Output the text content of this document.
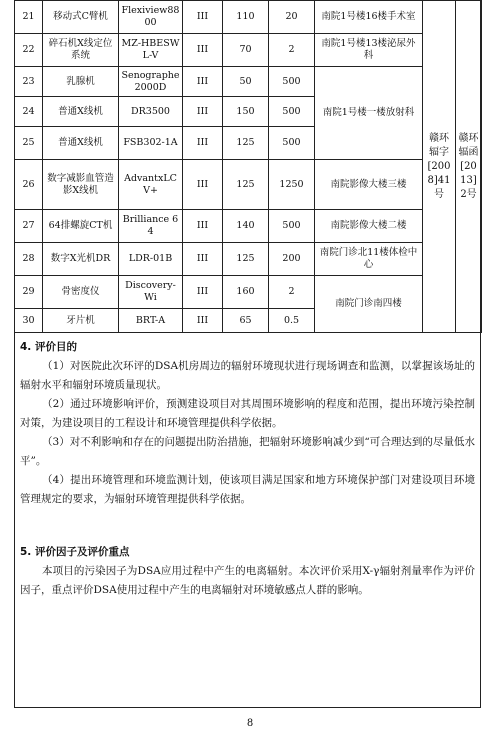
21	移动式C臂机	Flexiview8800	III	110	20	南院1号楼16楼手术室	赣环辐字[2008]41号	赣环辐函[2013]2号
22	碎石机X线定位系统	MZ-HBESWL-V	III	70	2	南院1号楼13楼泌尿外科		
23	乳腺机	Senographe 2000D	III	50	500	南院1号楼一楼放射科		
24	普通X线机	DR3500	III	150	500			
25	普通X线机	FSB302-1A	III	125	500			
26	数字减影血管造影X线机	AdvantxLCV+	III	125	1250	南院影像大楼三楼		
27	64排螺旋CT机	Brilliance 64	III	140	500	南院影像大楼二楼		
28	数字X光机DR	LDR-01B	III	125	200	南院门诊北11楼体检中心		
29	骨密度仪	Discovery-Wi	III	160	2	南院门诊南四楼		
30	牙片机	BRT-A	III	65	0.5			
4. 评价目的

（1）对医院此次环评的DSA机房周边的辐射环境现状进行现场调查和监测，以掌握该场址的辐射水平和辐射环境质量现状。

（2）通过环境影响评价，预测建设项目对其周围环境影响的程度和范围，提出环境污染控制对策，为建设项目的工程设计和环境管理提供科学依据。

（3）对不利影响和存在的问题提出防治措施，把辐射环境影响减少到“可合理达到的尽量低水平”。

（4）提出环境管理和环境监测计划，使该项目满足国家和地方环境保护部门对建设项目环境管理规定的要求，为辐射环境管理提供科学依据。

5. 评价因子及评价重点

本项目的污染因子为DSA应用过程中产生的电离辐射。本次评价采用X-γ辐射剂量率作为评价因子，重点评价DSA使用过程中产生的电离辐射对环境敏感点人群的影响。

8
